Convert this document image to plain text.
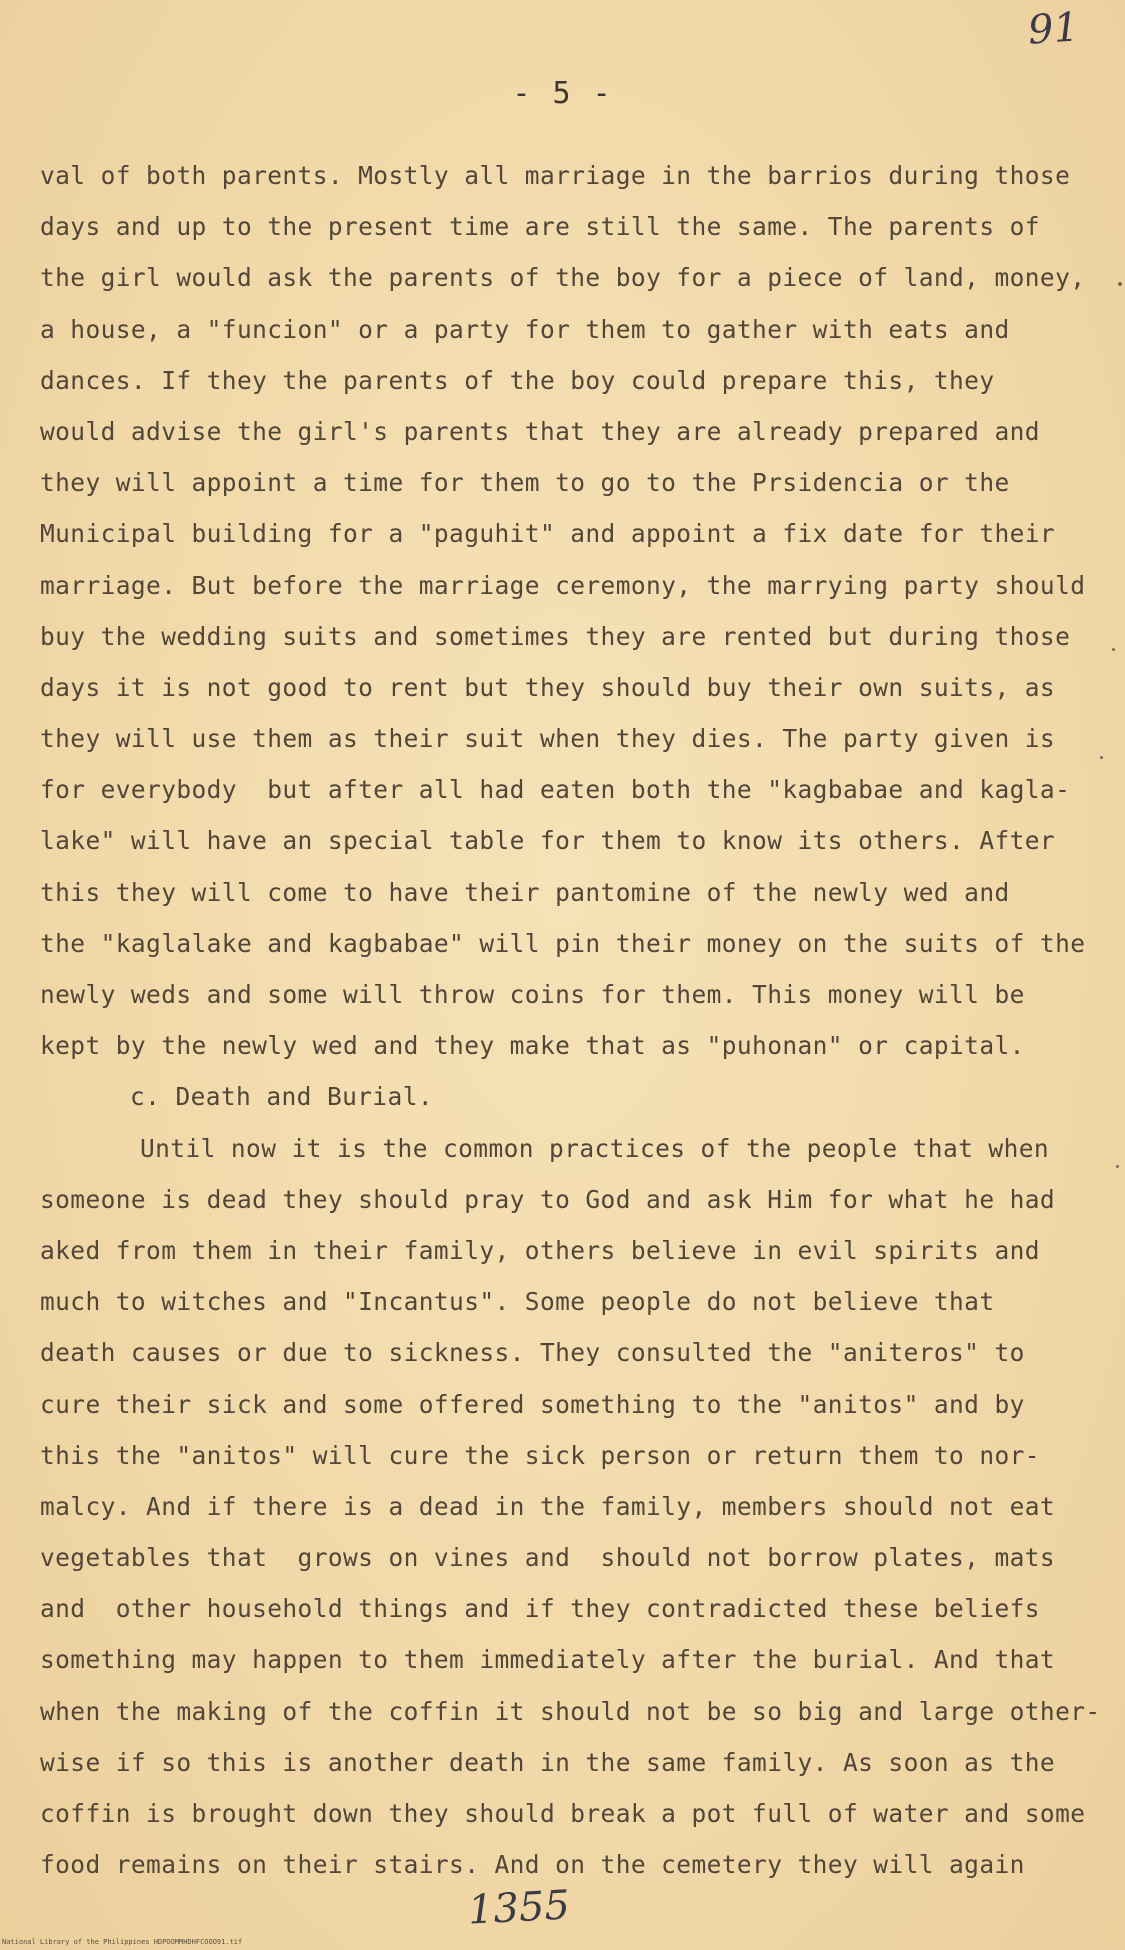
91
- 5 -
val of both parents. Mostly all marriage in the barrios during those
days and up to the present time are still the same. The parents of
the girl would ask the parents of the boy for a piece of land, money,
a house, a "funcion" or a party for them to gather with eats and
dances. If they the parents of the boy could prepare this, they
would advise the girl's parents that they are already prepared and
they will appoint a time for them to go to the Prsidencia or the
Municipal building for a "paguhit" and appoint a fix date for their
marriage. But before the marriage ceremony, the marrying party should
buy the wedding suits and sometimes they are rented but during those
days it is not good to rent but they should buy their own suits, as
they will use them as their suit when they dies. The party given is
for everybody  but after all had eaten both the "kagbabae and kagla-
lake" will have an special table for them to know its others. After
this they will come to have their pantomine of the newly wed and
the "kaglalake and kagbabae" will pin their money on the suits of the
newly weds and some will throw coins for them. This money will be
kept by the newly wed and they make that as "puhonan" or capital.
c. Death and Burial.
Until now it is the common practices of the people that when
someone is dead they should pray to God and ask Him for what he had
aked from them in their family, others believe in evil spirits and
much to witches and "Incantus". Some people do not believe that
death causes or due to sickness. They consulted the "aniteros" to
cure their sick and some offered something to the "anitos" and by
this the "anitos" will cure the sick person or return them to nor-
malcy. And if there is a dead in the family, members should not eat
vegetables that  grows on vines and  should not borrow plates, mats
and  other household things and if they contradicted these beliefs
something may happen to them immediately after the burial. And that
when the making of the coffin it should not be so big and large other-
wise if so this is another death in the same family. As soon as the
coffin is brought down they should break a pot full of water and some
food remains on their stairs. And on the cemetery they will again
1355
National Library of the Philippines HDPOOMMHDHFCOOO91.tif
